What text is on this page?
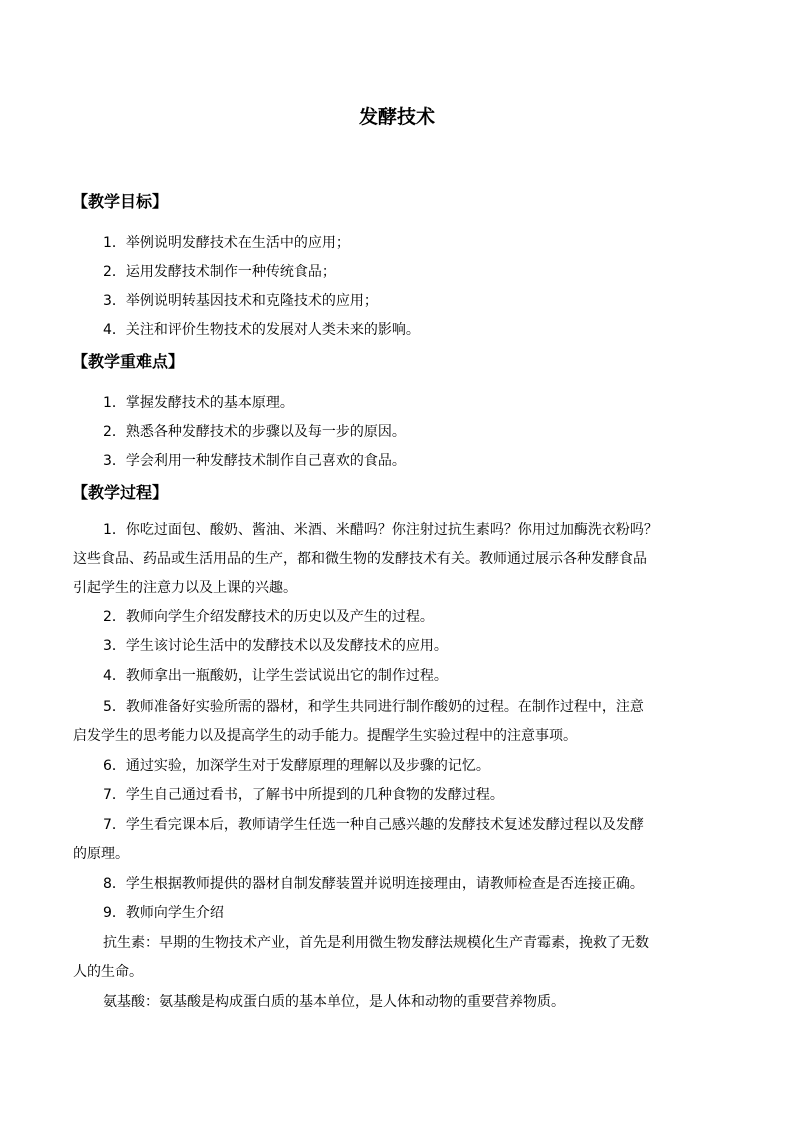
发酵技术
【教学目标】
1．举例说明发酵技术在生活中的应用；
2．运用发酵技术制作一种传统食品；
3．举例说明转基因技术和克隆技术的应用；
4．关注和评价生物技术的发展对人类未来的影响。
【教学重难点】
1．掌握发酵技术的基本原理。
2．熟悉各种发酵技术的步骤以及每一步的原因。
3．学会利用一种发酵技术制作自己喜欢的食品。
【教学过程】
1．你吃过面包、酸奶、酱油、米酒、米醋吗？你注射过抗生素吗？你用过加酶洗衣粉吗？
这些食品、药品或生活用品的生产，都和微生物的发酵技术有关。教师通过展示各种发酵食品
引起学生的注意力以及上课的兴趣。
2．教师向学生介绍发酵技术的历史以及产生的过程。
3．学生该讨论生活中的发酵技术以及发酵技术的应用。
4．教师拿出一瓶酸奶，让学生尝试说出它的制作过程。
5．教师准备好实验所需的器材，和学生共同进行制作酸奶的过程。在制作过程中，注意
启发学生的思考能力以及提高学生的动手能力。提醒学生实验过程中的注意事项。
6．通过实验，加深学生对于发酵原理的理解以及步骤的记忆。
7．学生自己通过看书，了解书中所提到的几种食物的发酵过程。
7．学生看完课本后，教师请学生任选一种自己感兴趣的发酵技术复述发酵过程以及发酵
的原理。
8．学生根据教师提供的器材自制发酵装置并说明连接理由，请教师检查是否连接正确。
9．教师向学生介绍
抗生素：早期的生物技术产业，首先是利用微生物发酵法规模化生产青霉素，挽救了无数
人的生命。
氨基酸：氨基酸是构成蛋白质的基本单位，是人体和动物的重要营养物质。
